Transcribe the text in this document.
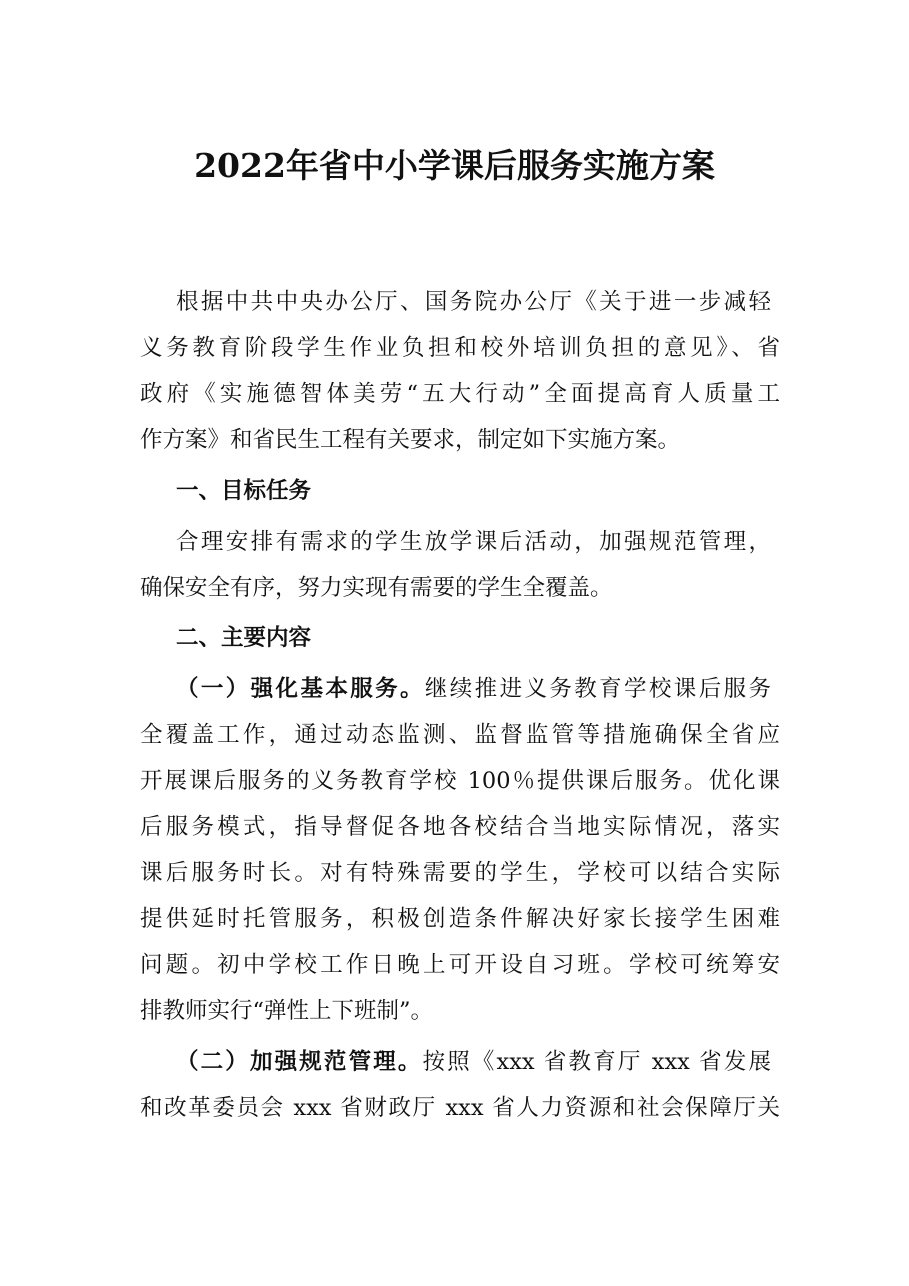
2022年省中小学课后服务实施方案
根据中共中央办公厅、国务院办公厅《关于进一步减轻
义务教育阶段学生作业负担和校外培训负担的意见》、省
政府《实施德智体美劳“五大行动”全面提高育人质量工
作方案》和省民生工程有关要求，制定如下实施方案。
一、目标任务
合理安排有需求的学生放学课后活动，加强规范管理，
确保安全有序，努力实现有需要的学生全覆盖。
二、主要内容
（一）强化基本服务。继续推进义务教育学校课后服务
全覆盖工作，通过动态监测、监督监管等措施确保全省应
开展课后服务的义务教育学校 100％提供课后服务。优化课
后服务模式，指导督促各地各校结合当地实际情况，落实
课后服务时长。对有特殊需要的学生，学校可以结合实际
提供延时托管服务，积极创造条件解决好家长接学生困难
问题。初中学校工作日晚上可开设自习班。学校可统筹安
排教师实行“弹性上下班制”。
（二）加强规范管理。按照《xxx 省教育厅 xxx 省发展
和改革委员会 xxx 省财政厅 xxx 省人力资源和社会保障厅关
